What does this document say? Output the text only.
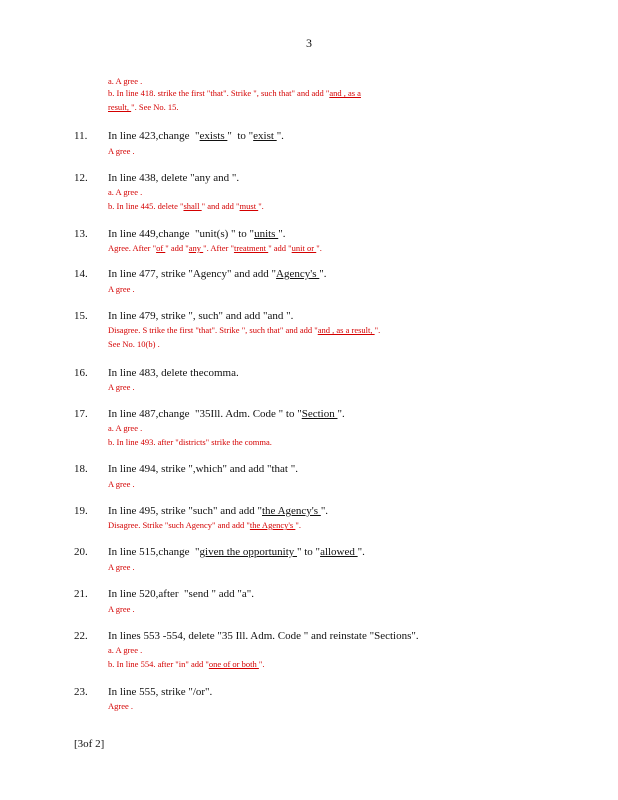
3
a. A gree .
b. In line 418. strike the first "that". Strike ", such that" and add "and , as a
result, ". See No. 15.
11. In line 423,change  "exists "  to "exist ".
A gree .
12. In line 438, delete "any and ".
a. A gree .
b. In line 445. delete "shall " and add "must ".
13. In line 449,change  "unit(s) " to "units ".
Agree. After "of " add "any ". After "treatment " add "unit or ".
14. In line 477, strike "Agency" and add "Agency's ".
A gree .
15. In line 479, strike ", such" and add "and ".
Disagree. S trike the first "that". Strike ", such that" and add "and , as a result, ".
See No. 10(b) .
16. In line 483, delete thecomma.
A gree .
17. In line 487,change  "35Ill. Adm. Code " to "Section ".
a. A gree .
b. In line 493. after "districts" strike the comma.
18. In line 494, strike ",which" and add "that ".
A gree .
19. In line 495, strike "such" and add "the Agency's ".
Disagree. Strike "such Agency" and add "the Agency's ".
20. In line 515,change  "given the opportunity " to "allowed ".
A gree .
21. In line 520,after  "send " add "a".
A gree .
22. In lines 553 -554, delete "35 Ill. Adm. Code " and reinstate "Sections".
a. A gree .
b. In line 554. after "in" add "one of or both ".
23. In line 555, strike "/or".
Agree .
[3of 2]
